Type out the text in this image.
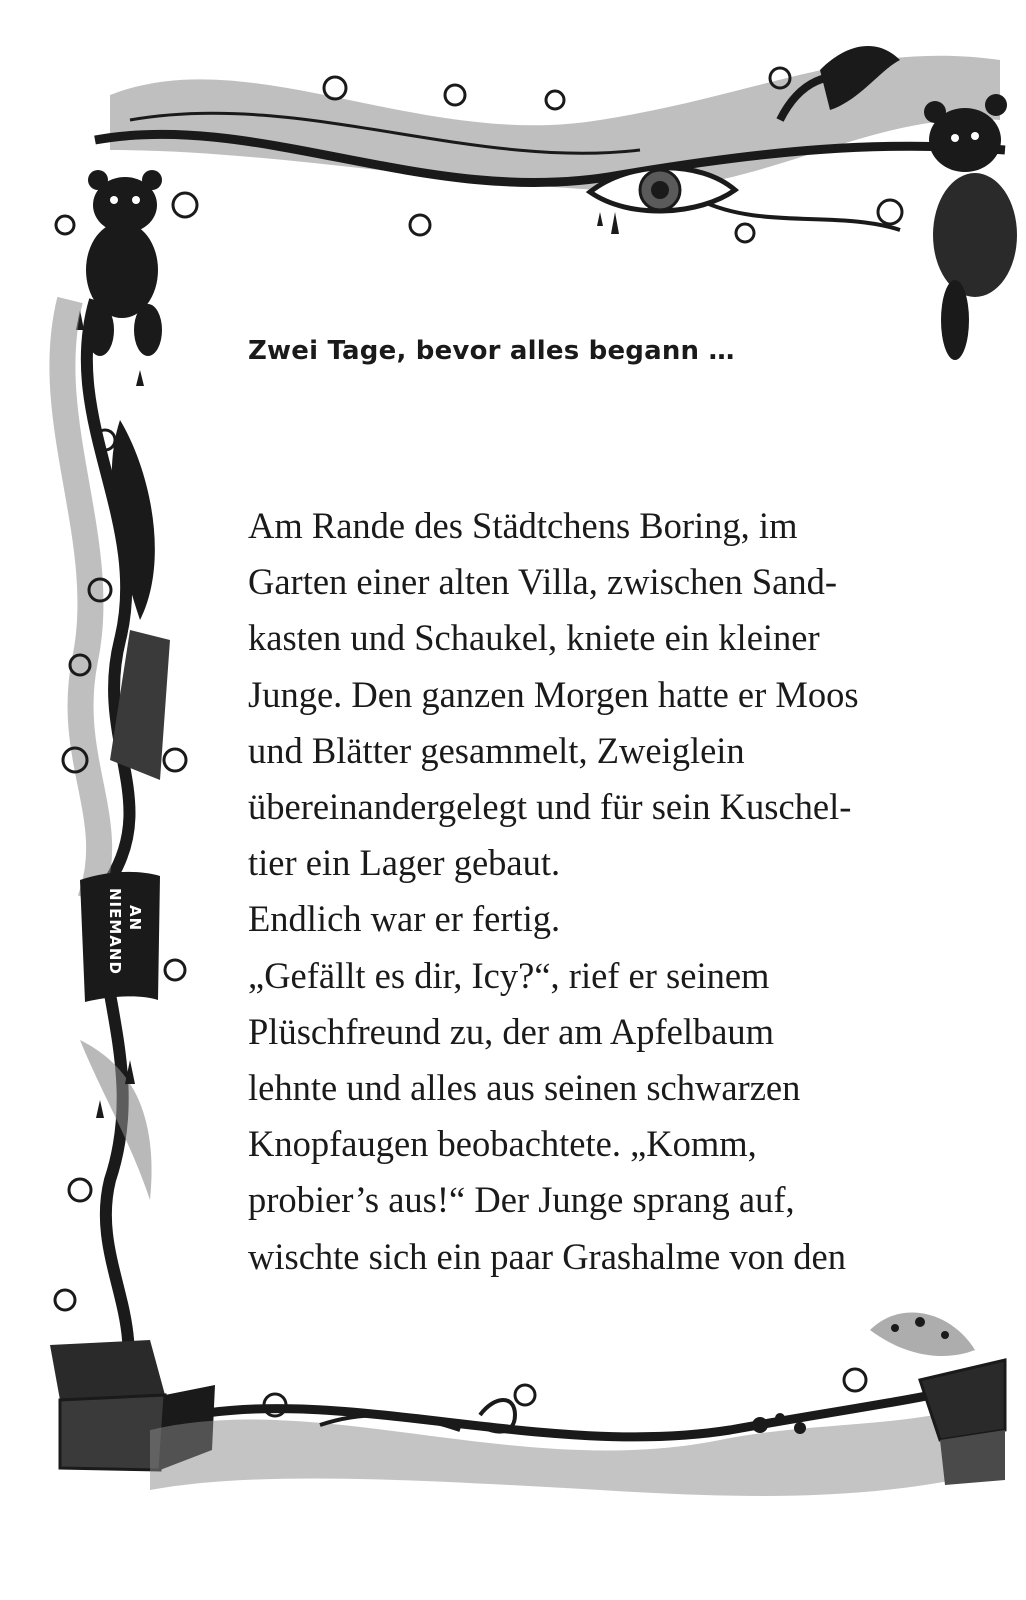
AN
NIEMAND
Zwei Tage, bevor alles begann …
Am Rande des Städtchens Boring, im
Garten einer alten Villa, zwischen Sand-
kasten und Schaukel, kniete ein kleiner
Junge. Den ganzen Morgen hatte er Moos
und Blätter gesammelt, Zweiglein
übereinandergelegt und für sein Kuschel-
tier ein Lager gebaut.
Endlich war er fertig.
„Gefällt es dir, Icy?“, rief er seinem
Plüschfreund zu, der am Apfelbaum
lehnte und alles aus seinen schwarzen
Knopfaugen beobachtete. „Komm,
probier’s aus!“ Der Junge sprang auf,
wischte sich ein paar Grashalme von den
